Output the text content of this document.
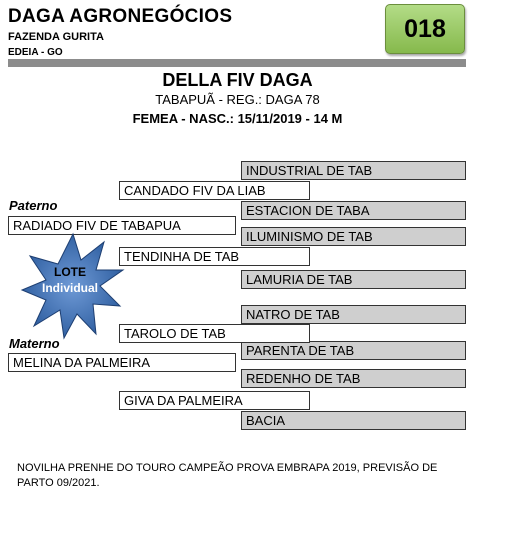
DAGA AGRONEGÓCIOS
FAZENDA GURITA
EDEIA - GO
018
DELLA FIV DAGA
TABAPUÃ - REG.: DAGA 78
FEMEA - NASC.: 15/11/2019 - 14 M
INDUSTRIAL DE TAB
ESTACION DE TABA
ILUMINISMO DE TAB
LAMURIA DE TAB
NATRO DE TAB
PARENTA DE TAB
REDENHO DE TAB
BACIA
CANDADO FIV DA LIAB
TENDINHA DE TAB
TAROLO DE TAB
GIVA DA PALMEIRA
Paterno
RADIADO FIV DE TABAPUA
Materno
MELINA DA PALMEIRA
LOTE
Individual
NOVILHA PRENHE DO TOURO CAMPEÃO PROVA EMBRAPA 2019, PREVISÃO DE PARTO 09/2021.
